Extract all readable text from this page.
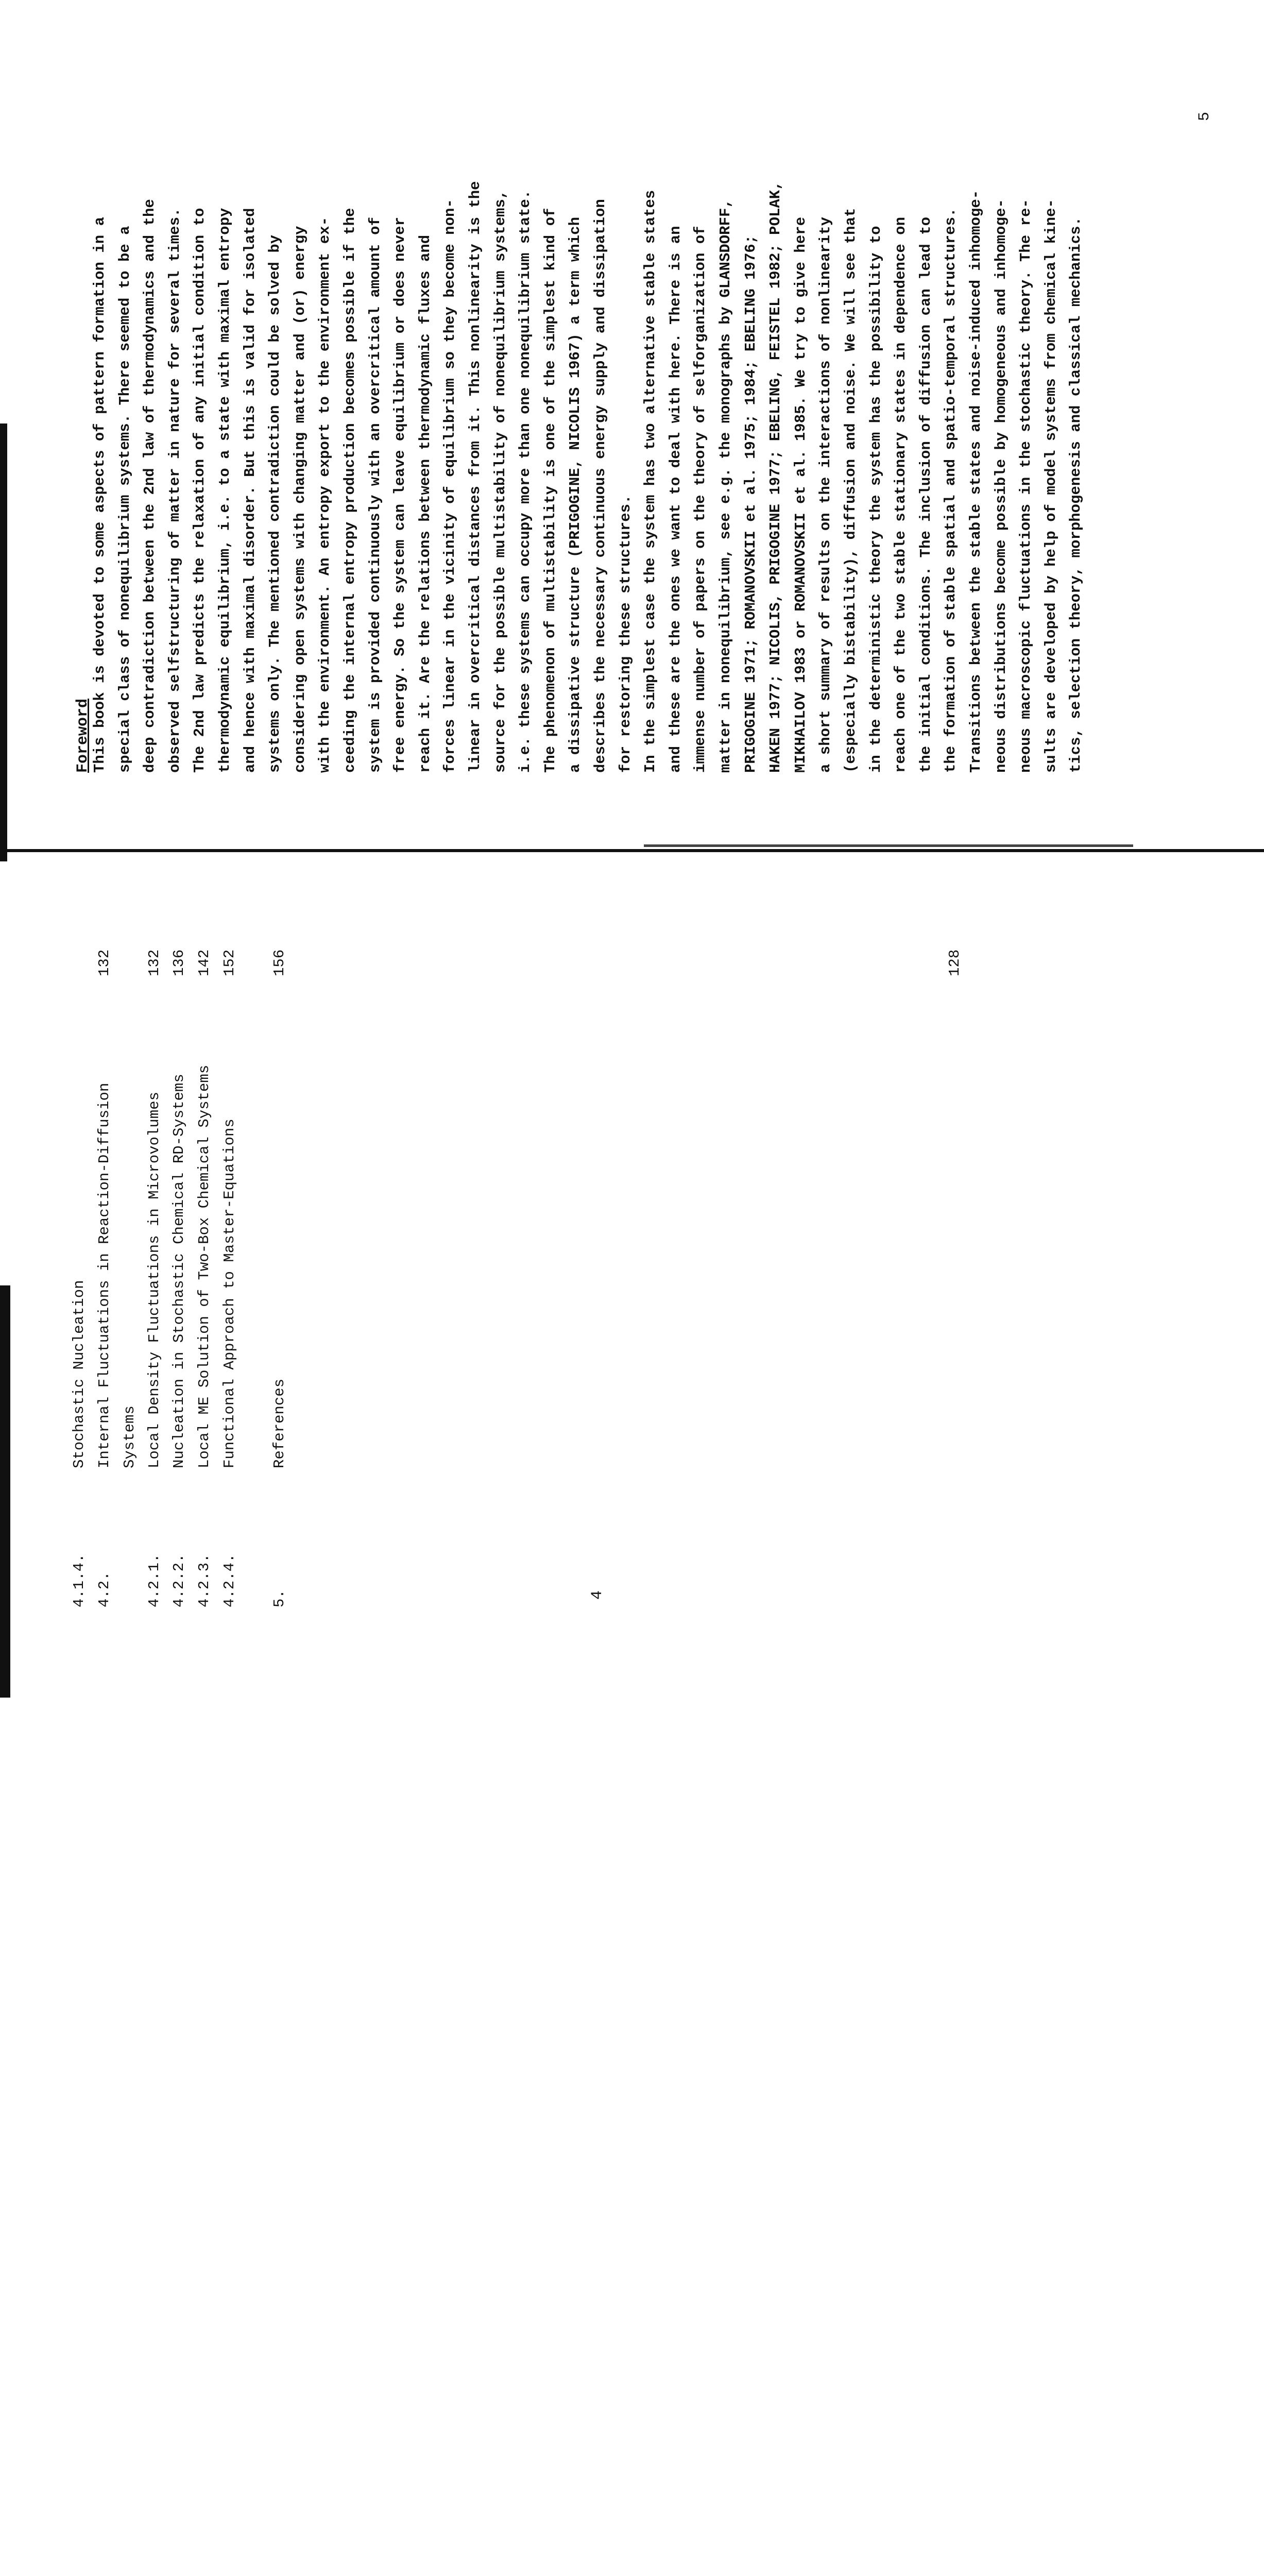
4.1.4.
Stochastic Nucleation
128
4.2.
Internal Fluctuations in Reaction-Diffusion
132
Systems
4.2.1.
Local Density Fluctuations in Microvolumes
132
4.2.2.
Nucleation in Stochastic Chemical RD-Systems
136
4.2.3.
Local ME Solution of Two-Box Chemical Systems
142
4.2.4.
Functional Approach to Master-Equations
152
5.
References
156
4
Foreword This book is devoted to some aspects of pattern formation in a special class of nonequilibrium systems. There seemed to be a deep contradiction between the 2nd law of thermodynamics and the observed selfstructuring of matter in nature for several times. The 2nd law predicts the relaxation of any initial condition to thermodynamic equilibrium, i.e. to a state with maximal entropy and hence with maximal disorder. But this is valid for isolated systems only. The mentioned contradiction could be solved by considering open systems with changing matter and (or) energy with the environment. An entropy export to the environment ex- ceeding the internal entropy production becomes possible if the system is provided continuously with an overcritical amount of free energy. So the system can leave equilibrium or does never reach it. Are the relations between thermodynamic fluxes and forces linear in the vicinity of equilibrium so they become non- linear in overcritical distances from it. This nonlinearity is the source for the possible multistability of nonequilibrium systems, i.e. these systems can occupy more than one nonequilibrium state. The phenomenon of multistability is one of the simplest kind of a dissipative structure (PRIGOGINE, NICOLIS 1967) a term which describes the necessary continuous energy supply and dissipation for restoring these structures. In the simplest case the system has two alternative stable states and these are the ones we want to deal with here. There is an immense number of papers on the theory of selforganization of matter in nonequilibrium, see e.g. the monographs by GLANSDORFF, PRIGOGINE 1971; ROMANOVSKII et al. 1975; 1984; EBELING 1976; HAKEN 1977; NICOLIS, PRIGOGINE 1977; EBELING, FEISTEL 1982; POLAK, MIKHAILOV 1983 or ROMANOVSKII et al. 1985. We try to give here a short summary of results on the interactions of nonlinearity (especially bistability), diffusion and noise. We will see that in the deterministic theory the system has the possibility to reach one of the two stable stationary states in dependence on the initial conditions. The inclusion of diffusion can lead to the formation of stable spatial and spatio-temporal structures. Transitions between the stable states and noise-induced inhomoge- neous distributions become possible by homogeneous and inhomoge- neous macroscopic fluctuations in the stochastic theory. The re- sults are developed by help of model systems from chemical kine- tics, selection theory, morphogenesis and classical mechanics.
5
